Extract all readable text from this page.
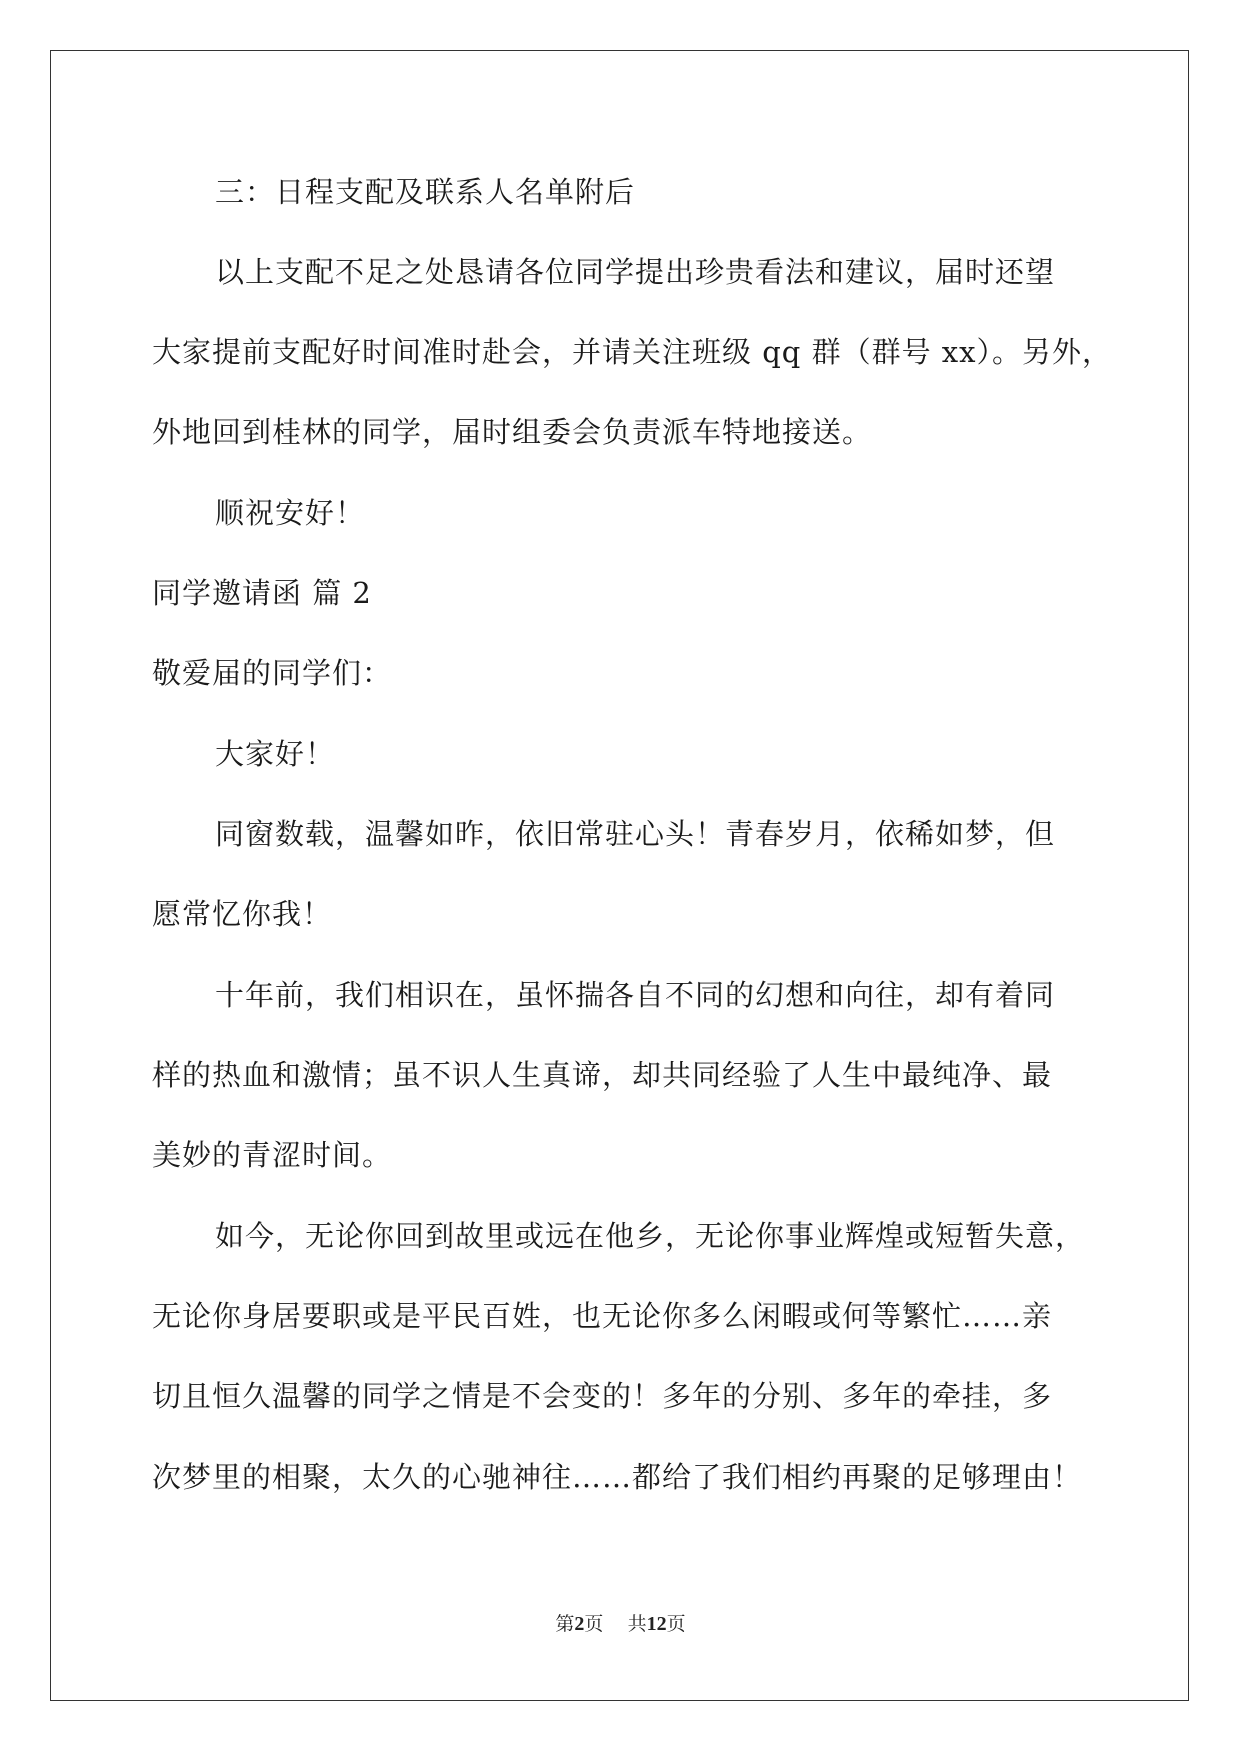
三：日程支配及联系人名单附后
以上支配不足之处恳请各位同学提出珍贵看法和建议，届时还望
大家提前支配好时间准时赴会，并请关注班级 qq 群（群号 xx）。另外，
外地回到桂林的同学，届时组委会负责派车特地接送。
顺祝安好！
同学邀请函 篇 2
敬爱届的同学们：
大家好！
同窗数载，温馨如昨，依旧常驻心头！青春岁月，依稀如梦，但
愿常忆你我！
十年前，我们相识在，虽怀揣各自不同的幻想和向往，却有着同
样的热血和激情；虽不识人生真谛，却共同经验了人生中最纯净、最
美妙的青涩时间。
如今，无论你回到故里或远在他乡，无论你事业辉煌或短暂失意，
无论你身居要职或是平民百姓，也无论你多么闲暇或何等繁忙……亲
切且恒久温馨的同学之情是不会变的！多年的分别、多年的牵挂，多
次梦里的相聚，太久的心驰神往……都给了我们相约再聚的足够理由！
第2页 共12页
